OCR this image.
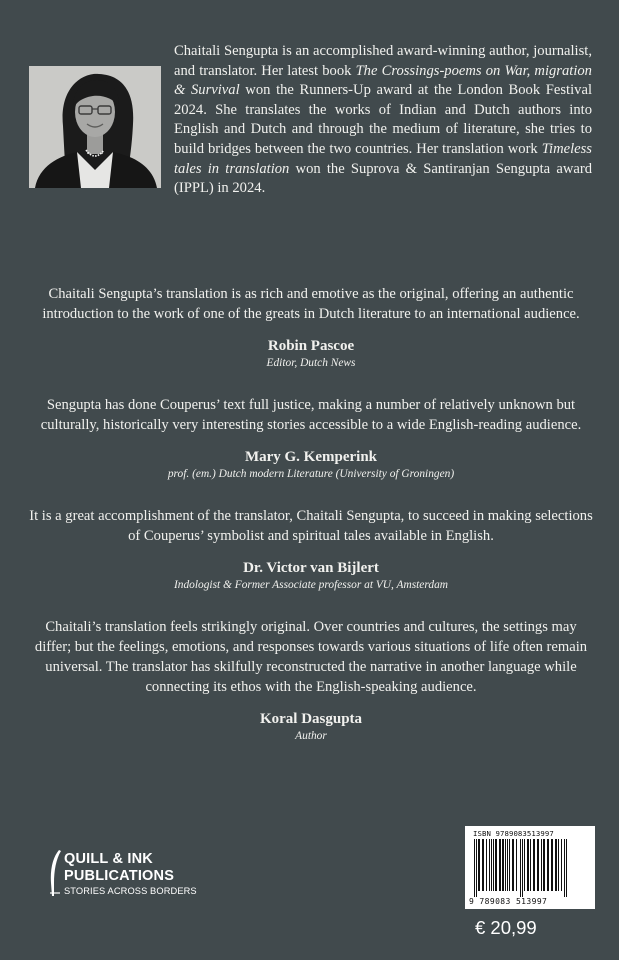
Chaitali Sengupta is an accomplished award-winning author, journalist, and translator. Her latest book The Crossings-poems on War, migration & Survival won the Runners-Up award at the London Book Festival 2024. She translates the works of Indian and Dutch authors into English and Dutch and through the medium of literature, she tries to build bridges between the two countries. Her translation work Timeless tales in translation won the Suprova & Santiranjan Sengupta award (IPPL) in 2024.

Chaitali Sengupta’s translation is as rich and emotive as the original, offering an authentic introduction to the work of one of the greats in Dutch literature to an international audience.

Robin Pascoe

Editor, Dutch News

Sengupta has done Couperus’ text full justice, making a number of relatively unknown but culturally, historically very interesting stories accessible to a wide English-reading audience.

Mary G. Kemperink

prof. (em.) Dutch modern Literature (University of Groningen)

It is a great accomplishment of the translator, Chaitali Sengupta, to succeed in making selections of Couperus’ symbolist and spiritual tales available in English.

Dr. Victor van Bijlert

Indologist & Former Associate professor at VU, Amsterdam

Chaitali’s translation feels strikingly original. Over countries and cultures, the settings may differ; but the feelings, emotions, and responses towards various situations of life often remain universal. The translator has skilfully reconstructed the narrative in another language while connecting its ethos with the English-speaking audience.

Koral Dasgupta

Author

QUILL & INK
PUBLICATIONS
STORIES ACROSS BORDERS
ISBN 9789083513997
9 789083 513997
€ 20,99
